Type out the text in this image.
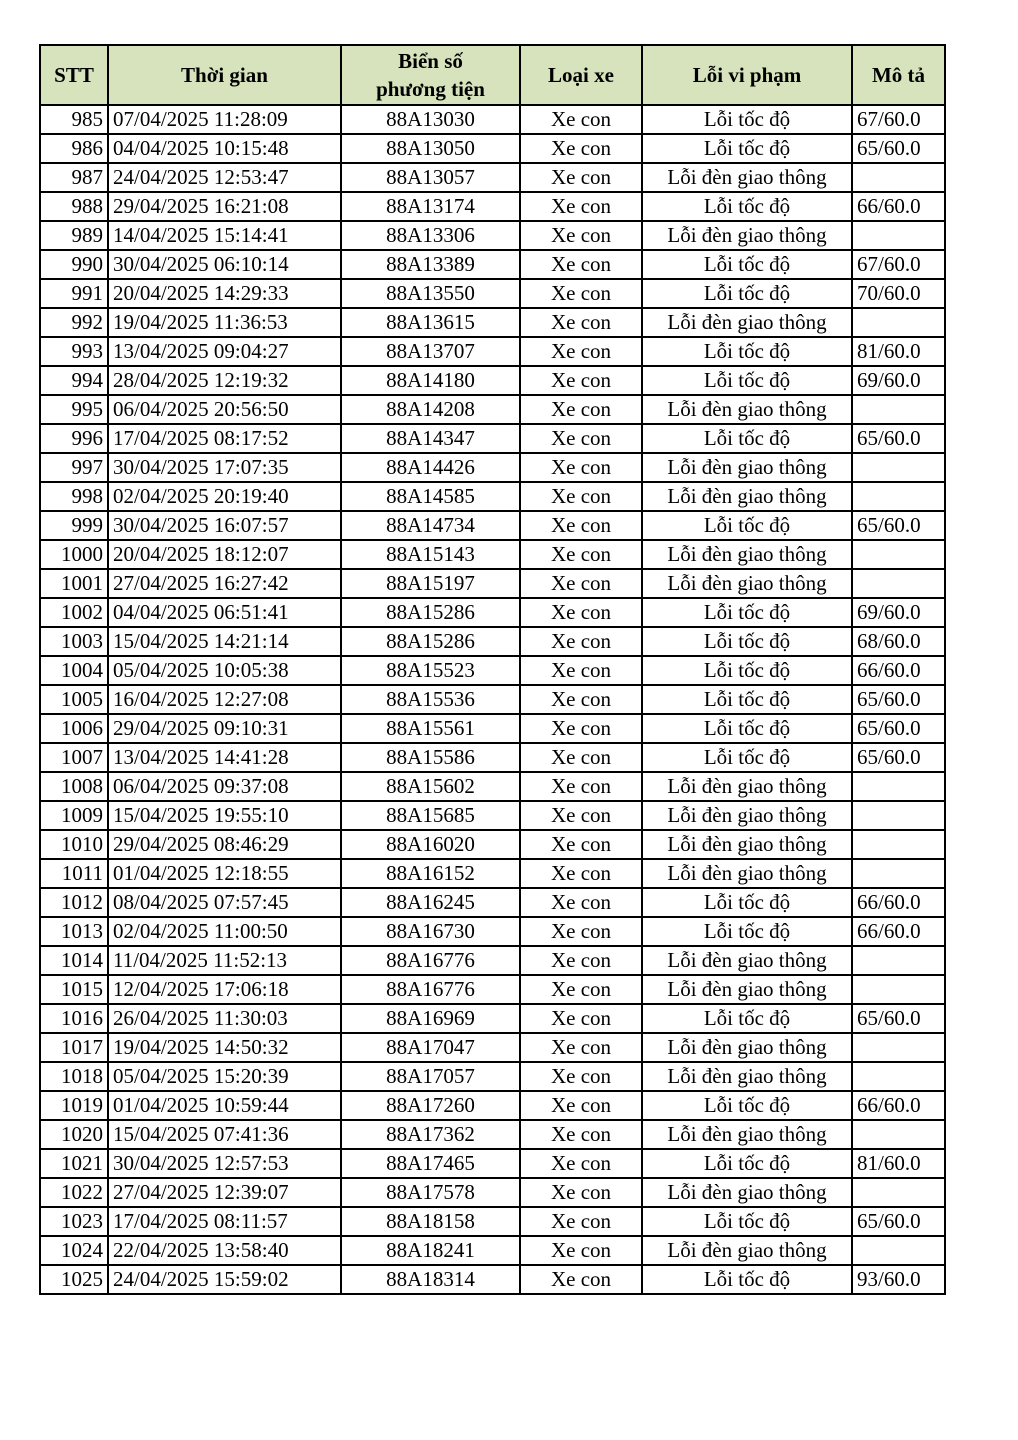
STT	Thời gian	Biển số
phương tiện	Loại xe	Lỗi vi phạm	Mô tả
985	07/04/2025 11:28:09	88A13030	Xe con	Lỗi tốc độ	67/60.0
986	04/04/2025 10:15:48	88A13050	Xe con	Lỗi tốc độ	65/60.0
987	24/04/2025 12:53:47	88A13057	Xe con	Lỗi đèn giao thông	
988	29/04/2025 16:21:08	88A13174	Xe con	Lỗi tốc độ	66/60.0
989	14/04/2025 15:14:41	88A13306	Xe con	Lỗi đèn giao thông	
990	30/04/2025 06:10:14	88A13389	Xe con	Lỗi tốc độ	67/60.0
991	20/04/2025 14:29:33	88A13550	Xe con	Lỗi tốc độ	70/60.0
992	19/04/2025 11:36:53	88A13615	Xe con	Lỗi đèn giao thông	
993	13/04/2025 09:04:27	88A13707	Xe con	Lỗi tốc độ	81/60.0
994	28/04/2025 12:19:32	88A14180	Xe con	Lỗi tốc độ	69/60.0
995	06/04/2025 20:56:50	88A14208	Xe con	Lỗi đèn giao thông	
996	17/04/2025 08:17:52	88A14347	Xe con	Lỗi tốc độ	65/60.0
997	30/04/2025 17:07:35	88A14426	Xe con	Lỗi đèn giao thông	
998	02/04/2025 20:19:40	88A14585	Xe con	Lỗi đèn giao thông	
999	30/04/2025 16:07:57	88A14734	Xe con	Lỗi tốc độ	65/60.0
1000	20/04/2025 18:12:07	88A15143	Xe con	Lỗi đèn giao thông	
1001	27/04/2025 16:27:42	88A15197	Xe con	Lỗi đèn giao thông	
1002	04/04/2025 06:51:41	88A15286	Xe con	Lỗi tốc độ	69/60.0
1003	15/04/2025 14:21:14	88A15286	Xe con	Lỗi tốc độ	68/60.0
1004	05/04/2025 10:05:38	88A15523	Xe con	Lỗi tốc độ	66/60.0
1005	16/04/2025 12:27:08	88A15536	Xe con	Lỗi tốc độ	65/60.0
1006	29/04/2025 09:10:31	88A15561	Xe con	Lỗi tốc độ	65/60.0
1007	13/04/2025 14:41:28	88A15586	Xe con	Lỗi tốc độ	65/60.0
1008	06/04/2025 09:37:08	88A15602	Xe con	Lỗi đèn giao thông	
1009	15/04/2025 19:55:10	88A15685	Xe con	Lỗi đèn giao thông	
1010	29/04/2025 08:46:29	88A16020	Xe con	Lỗi đèn giao thông	
1011	01/04/2025 12:18:55	88A16152	Xe con	Lỗi đèn giao thông	
1012	08/04/2025 07:57:45	88A16245	Xe con	Lỗi tốc độ	66/60.0
1013	02/04/2025 11:00:50	88A16730	Xe con	Lỗi tốc độ	66/60.0
1014	11/04/2025 11:52:13	88A16776	Xe con	Lỗi đèn giao thông	
1015	12/04/2025 17:06:18	88A16776	Xe con	Lỗi đèn giao thông	
1016	26/04/2025 11:30:03	88A16969	Xe con	Lỗi tốc độ	65/60.0
1017	19/04/2025 14:50:32	88A17047	Xe con	Lỗi đèn giao thông	
1018	05/04/2025 15:20:39	88A17057	Xe con	Lỗi đèn giao thông	
1019	01/04/2025 10:59:44	88A17260	Xe con	Lỗi tốc độ	66/60.0
1020	15/04/2025 07:41:36	88A17362	Xe con	Lỗi đèn giao thông	
1021	30/04/2025 12:57:53	88A17465	Xe con	Lỗi tốc độ	81/60.0
1022	27/04/2025 12:39:07	88A17578	Xe con	Lỗi đèn giao thông	
1023	17/04/2025 08:11:57	88A18158	Xe con	Lỗi tốc độ	65/60.0
1024	22/04/2025 13:58:40	88A18241	Xe con	Lỗi đèn giao thông	
1025	24/04/2025 15:59:02	88A18314	Xe con	Lỗi tốc độ	93/60.0
